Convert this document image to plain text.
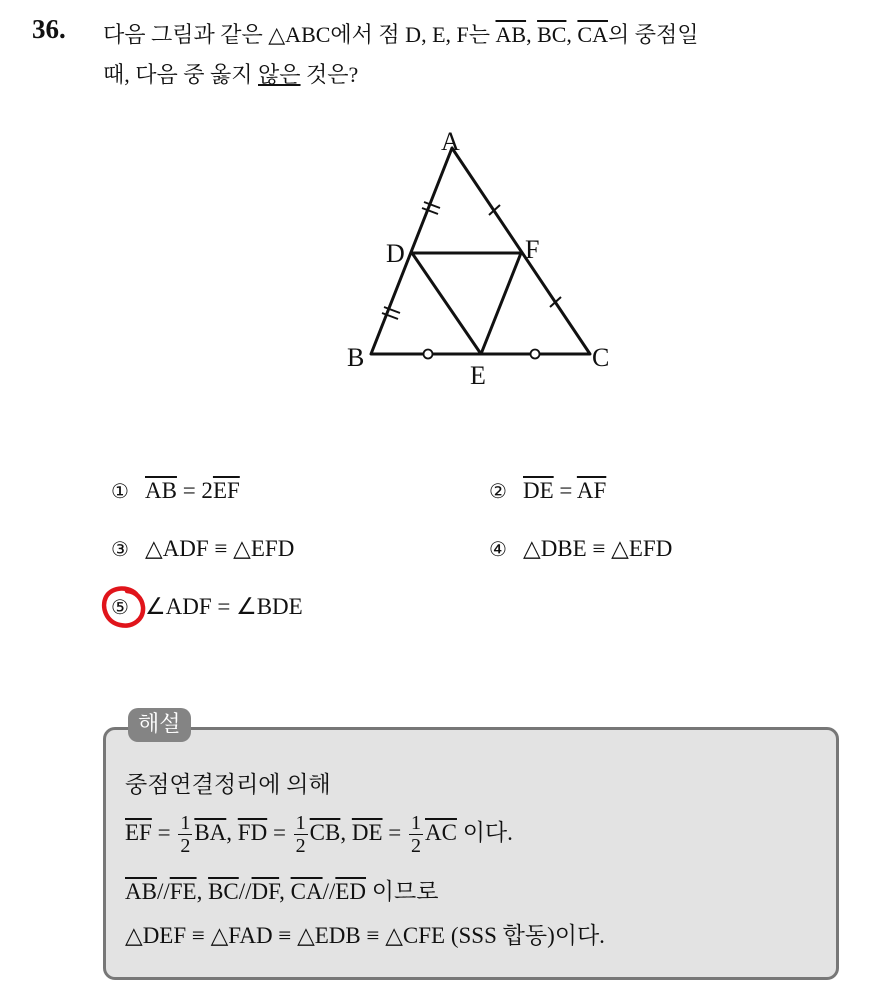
36. 다음 그림과 같은 △ABC에서 점 D, E, F는 $\overline{AB}$, $\overline{BC}$, $\overline{CA}$의 중점일
때, 다음 중 옳지 않은 것은?
A
B	C
D
E
F
① $\overline{AB} = 2\overline{EF}$	② $\overline{DE} = \overline{AF}$
③ △ADF ≡ △EFD	④ △DBE ≡ △EFD
⑤ ∠ADF = ∠BDE
해설
중점연결정리에 의해
$\overline{EF} = \frac{1}{2} \overline{BA}$, $\overline{FD} = \frac{1}{2} \overline{CB}$, $\overline{DE} = \frac{1}{2} \overline{AC}$ 이다.
$\overline{AB}//\overline{FE}$, $\overline{BC}//\overline{DF}$, $\overline{CA}//\overline{ED}$ 이므로
△DEF ≡ △FAD ≡ △EDB ≡ △CFE (SSS 합동)이다.
